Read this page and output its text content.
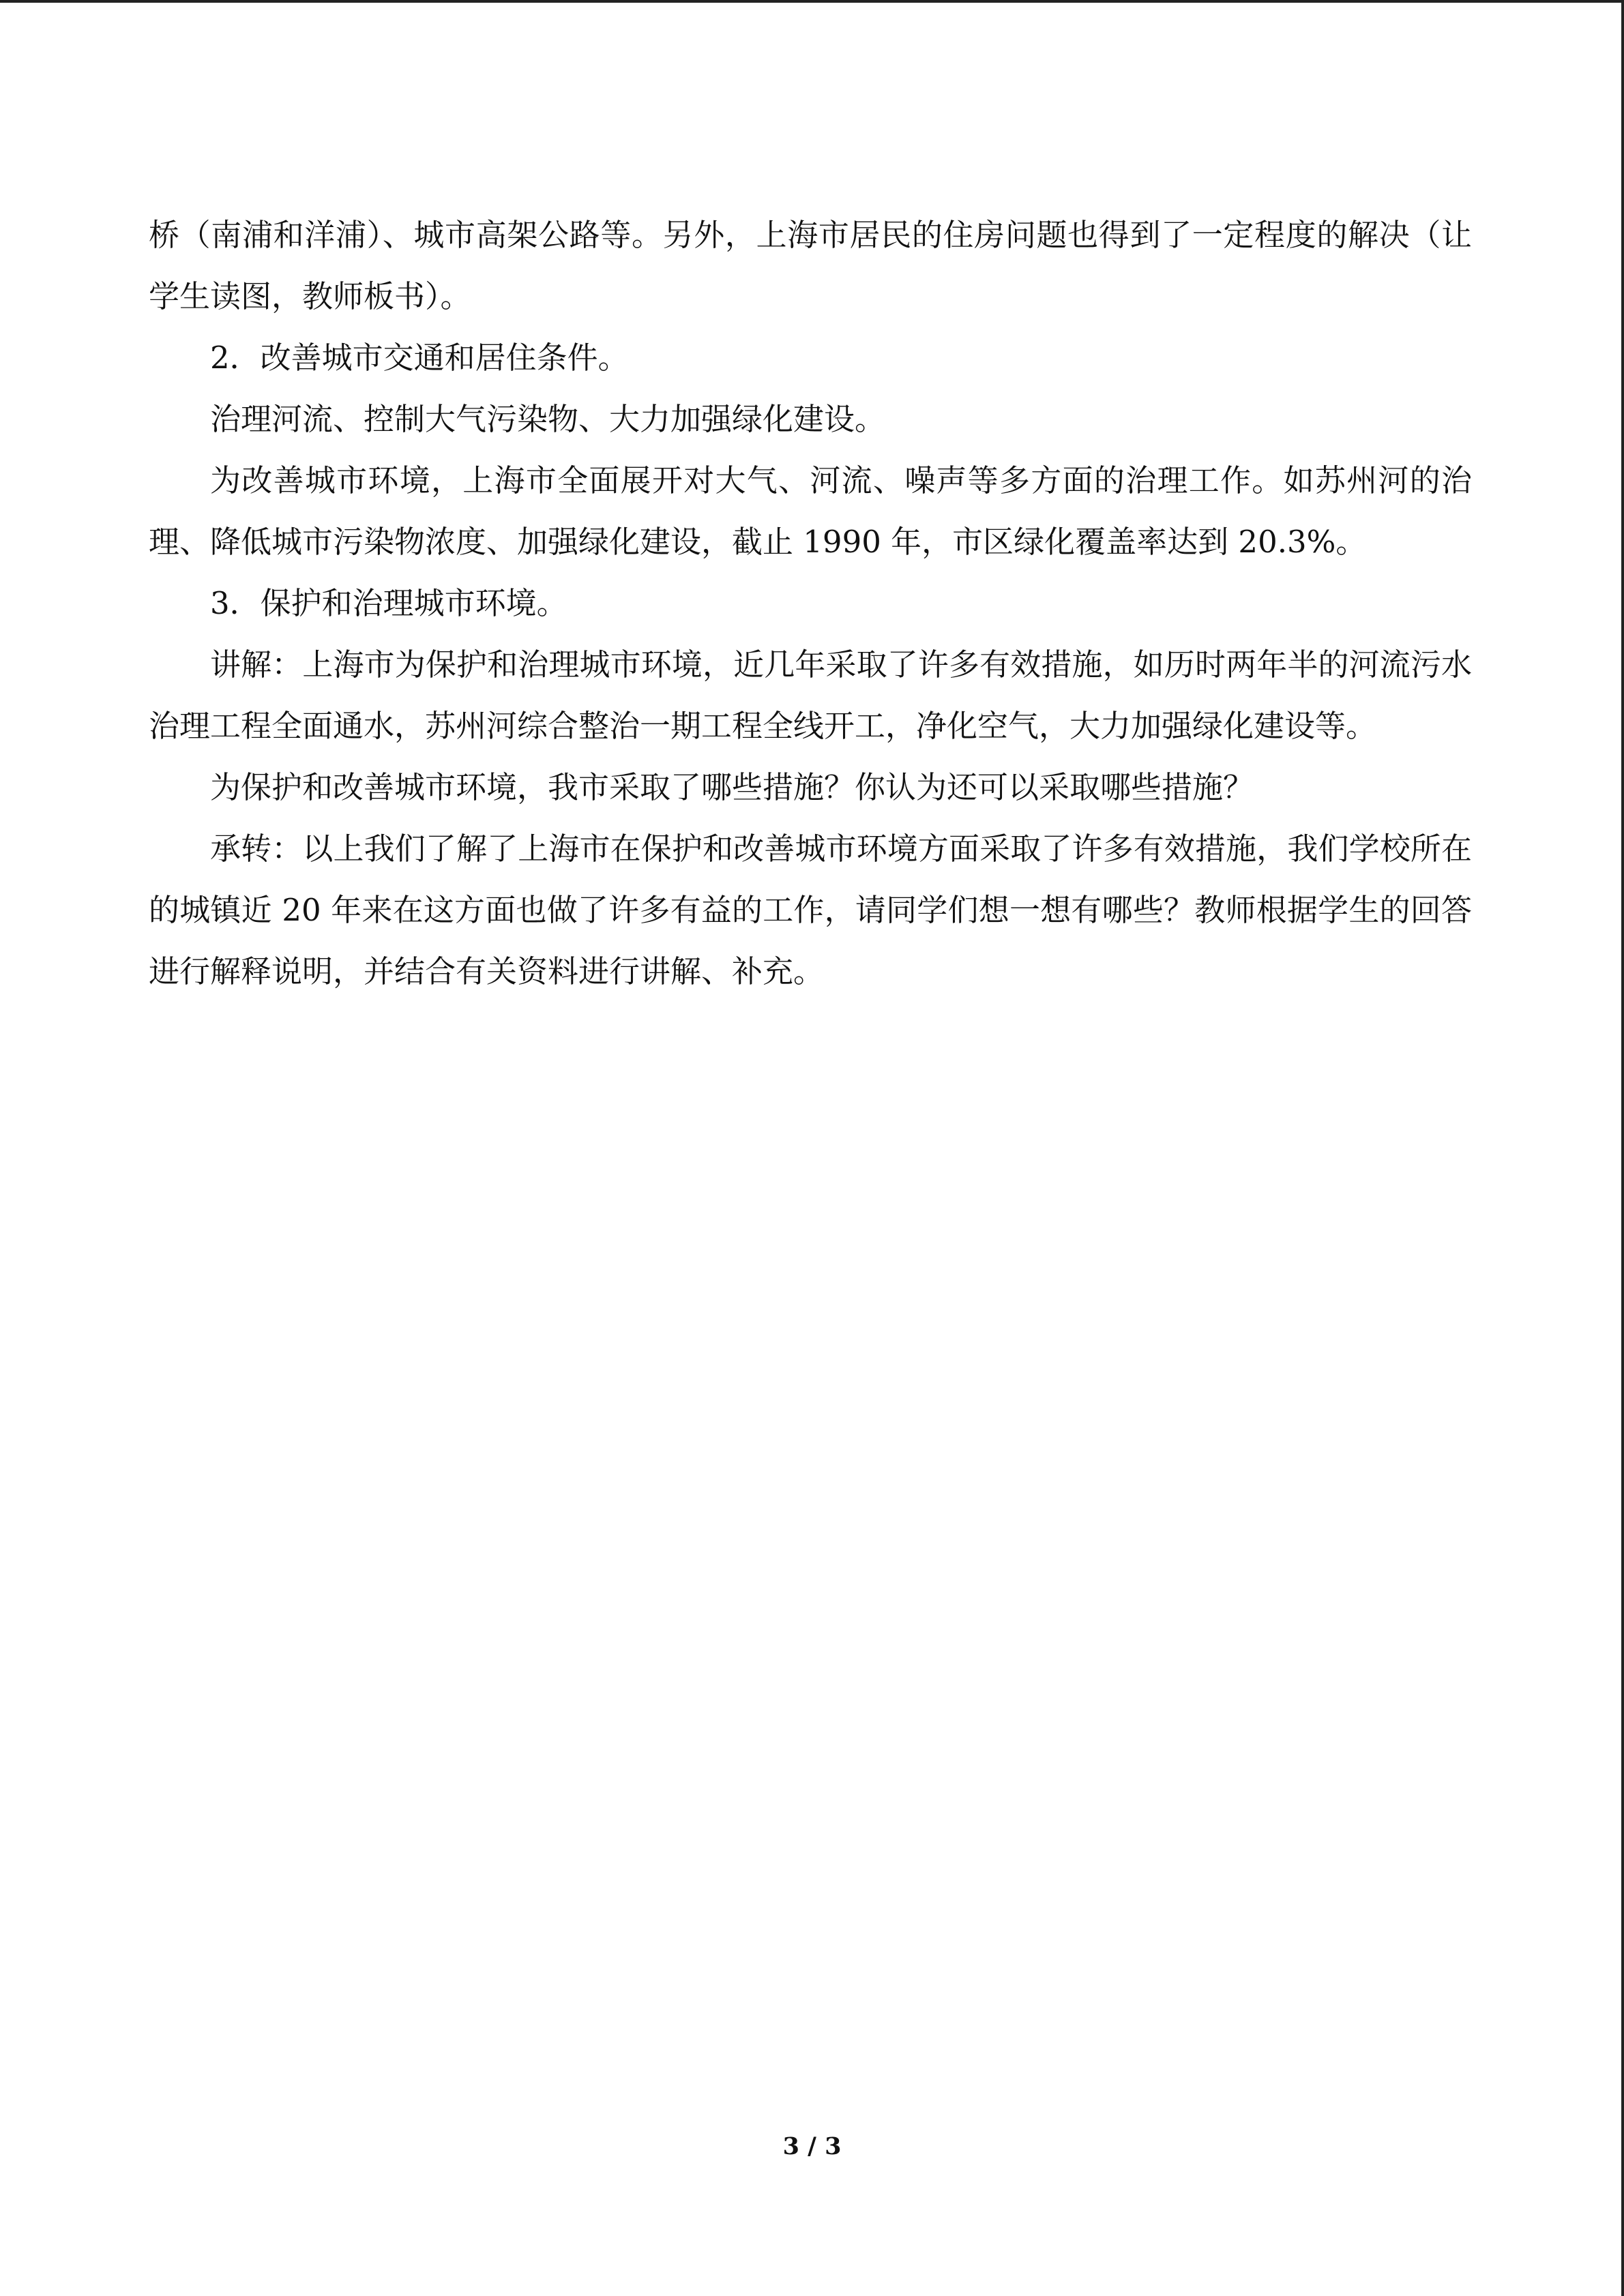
桥（南浦和洋浦）、城市高架公路等。另外，上海市居民的住房问题也得到了一定程度的解决（让学生读图，教师板书）。

2．改善城市交通和居住条件。

治理河流、控制大气污染物、大力加强绿化建设。

为改善城市环境，上海市全面展开对大气、河流、噪声等多方面的治理工作。如苏州河的治理、降低城市污染物浓度、加强绿化建设，截止 1990 年，市区绿化覆盖率达到 20.3%。

3．保护和治理城市环境。

讲解：上海市为保护和治理城市环境，近几年采取了许多有效措施，如历时两年半的河流污水治理工程全面通水，苏州河综合整治一期工程全线开工，净化空气，大力加强绿化建设等。

为保护和改善城市环境，我市采取了哪些措施？你认为还可以采取哪些措施？

承转：以上我们了解了上海市在保护和改善城市环境方面采取了许多有效措施，我们学校所在的城镇近 20 年来在这方面也做了许多有益的工作，请同学们想一想有哪些？教师根据学生的回答进行解释说明，并结合有关资料进行讲解、补充。

3 / 3
